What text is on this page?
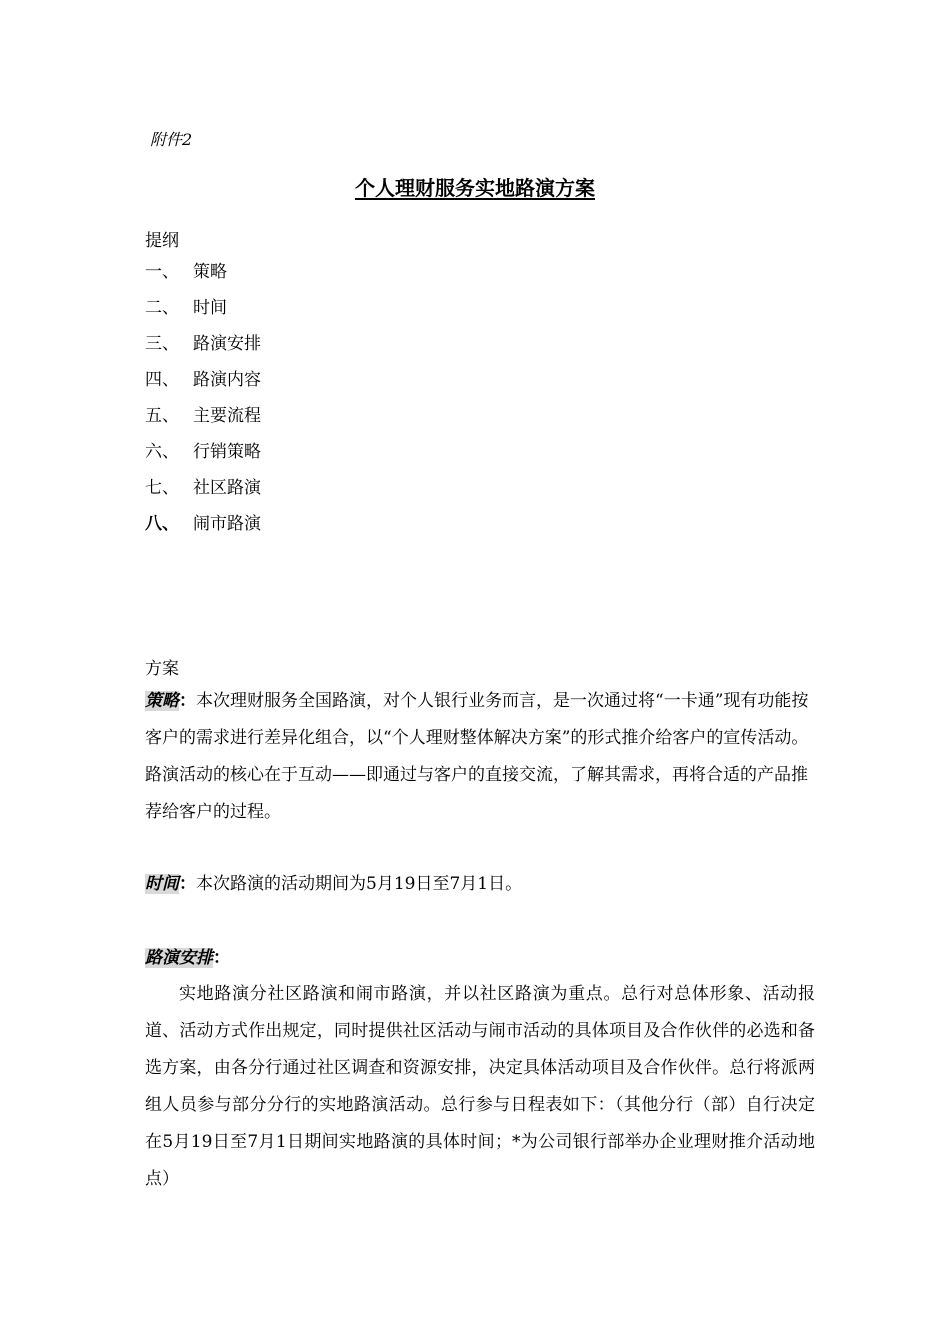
附件2
个人理财服务实地路演方案
提纲
一、 策略
二、 时间
三、 路演安排
四、 路演内容
五、 主要流程
六、 行销策略
七、 社区路演
八、 闹市路演
方案

策略：本次理财服务全国路演，对个人银行业务而言，是一次通过将“一卡通”现有功能按客户的需求进行差异化组合，以“个人理财整体解决方案”的形式推介给客户的宣传活动。路演活动的核心在于互动——即通过与客户的直接交流，了解其需求，再将合适的产品推荐给客户的过程。

时间：本次路演的活动期间为5月19日至7月1日。

路演安排：

实地路演分社区路演和闹市路演，并以社区路演为重点。总行对总体形象、活动报道、活动方式作出规定，同时提供社区活动与闹市活动的具体项目及合作伙伴的必选和备选方案，由各分行通过社区调查和资源安排，决定具体活动项目及合作伙伴。总行将派两组人员参与部分分行的实地路演活动。总行参与日程表如下：（其他分行（部）自行决定在5月19日至7月1日期间实地路演的具体时间；*为公司银行部举办企业理财推介活动地点）
